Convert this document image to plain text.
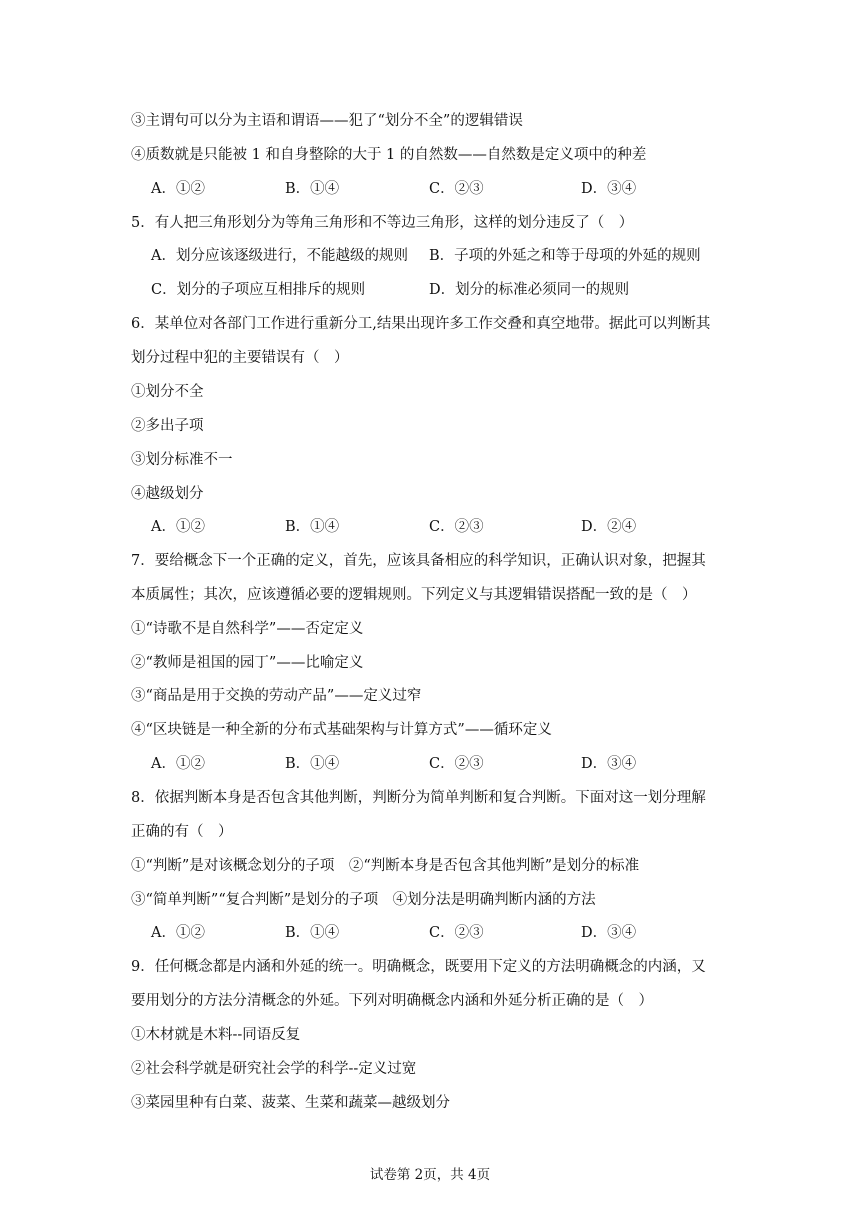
③主谓句可以分为主语和谓语——犯了“划分不全”的逻辑错误
④质数就是只能被 1 和自身整除的大于 1 的自然数——自然数是定义项中的种差
A．①②	B．①④	C．②③	D．③④
5．有人把三角形划分为等角三角形和不等边三角形，这样的划分违反了（　）
A．划分应该逐级进行，不能越级的规则 B．子项的外延之和等于母项的外延的规则
C．划分的子项应互相排斥的规则	D．划分的标准必须同一的规则
6．某单位对各部门工作进行重新分工,结果出现许多工作交叠和真空地带。据此可以判断其
划分过程中犯的主要错误有（　）
①划分不全
②多出子项
③划分标准不一
④越级划分
A．①②	B．①④	C．②③	D．②④
7．要给概念下一个正确的定义，首先，应该具备相应的科学知识，正确认识对象，把握其
本质属性；其次，应该遵循必要的逻辑规则。下列定义与其逻辑错误搭配一致的是（　）
①“诗歌不是自然科学”——否定定义
②“教师是祖国的园丁”——比喻定义
③“商品是用于交换的劳动产品”——定义过窄
④“区块链是一种全新的分布式基础架构与计算方式”——循环定义
A．①②	B．①④	C．②③	D．③④
8．依据判断本身是否包含其他判断，判断分为简单判断和复合判断。下面对这一划分理解
正确的有（　）
①“判断”是对该概念划分的子项　②“判断本身是否包含其他判断”是划分的标准
③“简单判断”“复合判断”是划分的子项　④划分法是明确判断内涵的方法
A．①②	B．①④	C．②③	D．③④
9．任何概念都是内涵和外延的统一。明确概念，既要用下定义的方法明确概念的内涵，又
要用划分的方法分清概念的外延。下列对明确概念内涵和外延分析正确的是（　）
①木材就是木料--同语反复
②社会科学就是研究社会学的科学--定义过宽
③菜园里种有白菜、菠菜、生菜和蔬菜—越级划分
试卷第 2页，共 4页
